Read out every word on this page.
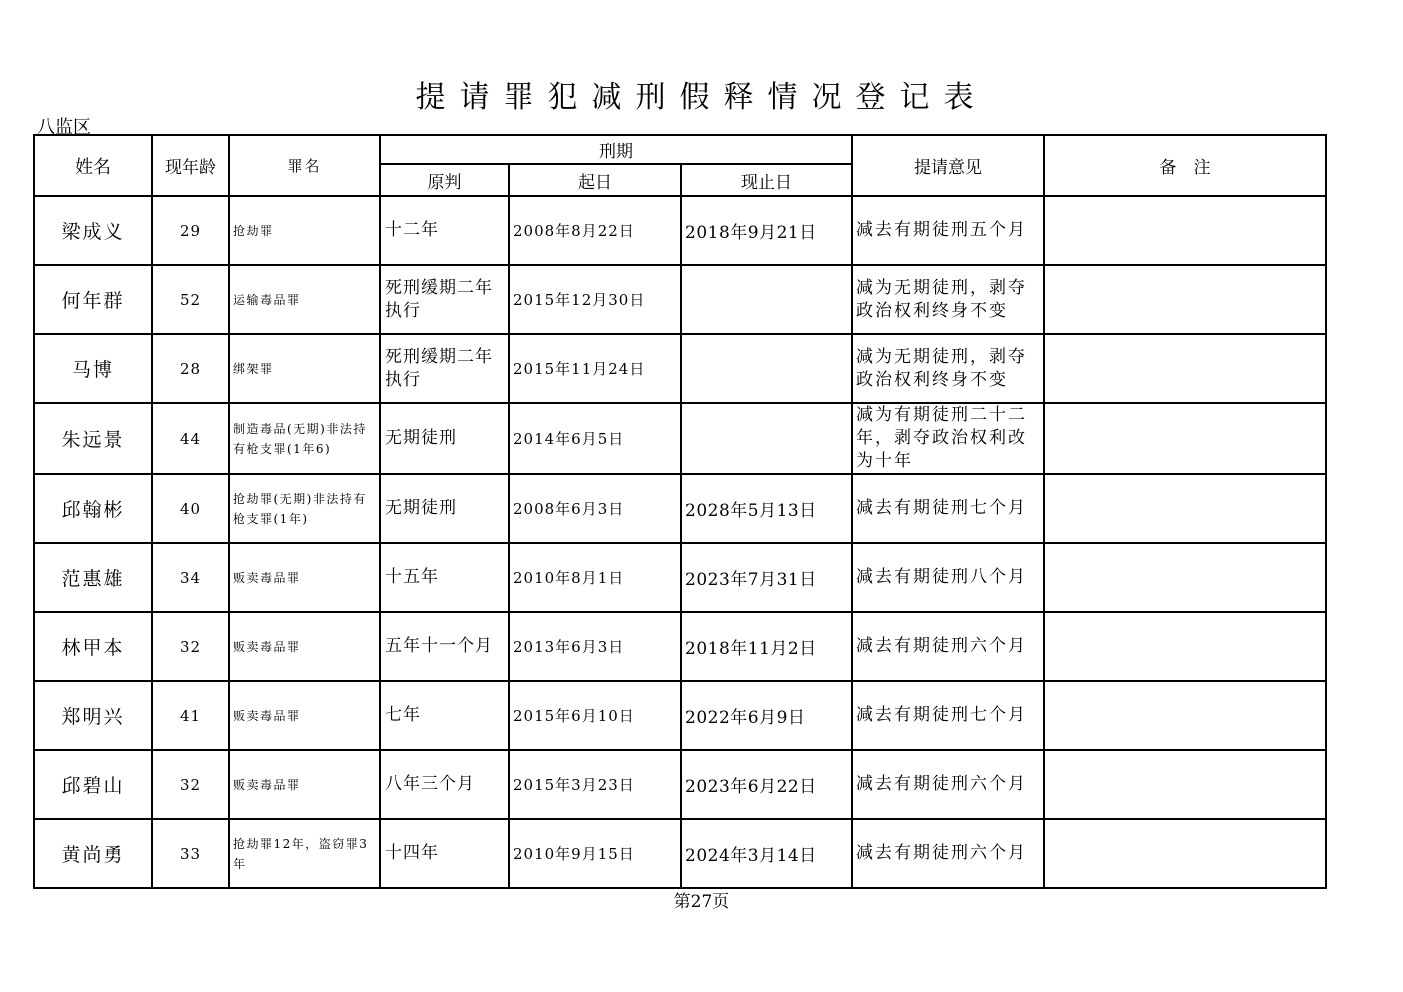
提请罪犯减刑假释情况登记表
八监区
姓名	现年龄	罪名	刑期			提请意见	备　注
			原判	起日	现止日		
梁成义	29	抢劫罪	十二年	2008年8月22日	2018年9月21日	减去有期徒刑五个月	
何年群	52	运输毒品罪	死刑缓期二年执行	2015年12月30日		减为无期徒刑，剥夺政治权利终身不变	
马博	28	绑架罪	死刑缓期二年执行	2015年11月24日		减为无期徒刑，剥夺政治权利终身不变	
朱远景	44	制造毒品(无期)非法持有枪支罪(1年6)	无期徒刑	2014年6月5日		减为有期徒刑二十二年，剥夺政治权利改为十年	
邱翰彬	40	抢劫罪(无期)非法持有枪支罪(1年)	无期徒刑	2008年6月3日	2028年5月13日	减去有期徒刑七个月	
范惠雄	34	贩卖毒品罪	十五年	2010年8月1日	2023年7月31日	减去有期徒刑八个月	
林甲本	32	贩卖毒品罪	五年十一个月	2013年6月3日	2018年11月2日	减去有期徒刑六个月	
郑明兴	41	贩卖毒品罪	七年	2015年6月10日	2022年6月9日	减去有期徒刑七个月	
邱碧山	32	贩卖毒品罪	八年三个月	2015年3月23日	2023年6月22日	减去有期徒刑六个月	
黄尚勇	33	抢劫罪12年，盗窃罪3年	十四年	2010年9月15日	2024年3月14日	减去有期徒刑六个月	
第27页
